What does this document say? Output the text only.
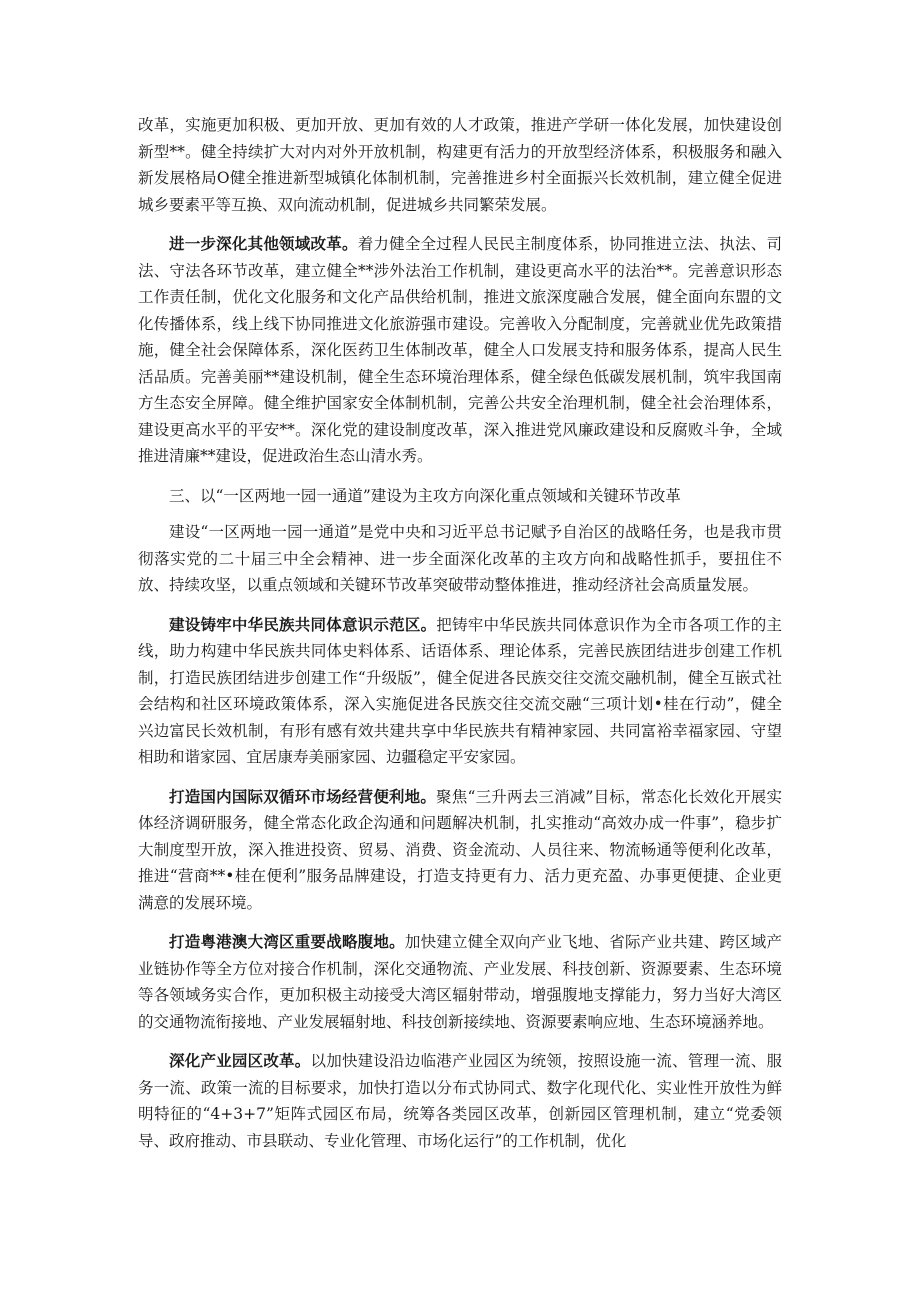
改革，实施更加积极、更加开放、更加有效的人才政策，推进产学研一体化发展，加快建设创新型**。健全持续扩大对内对外开放机制，构建更有活力的开放型经济体系，积极服务和融入新发展格局O健全推进新型城镇化体制机制，完善推进乡村全面振兴长效机制，建立健全促进城乡要素平等互换、双向流动机制，促进城乡共同繁荣发展。

进一步深化其他领域改革。着力健全全过程人民民主制度体系，协同推进立法、执法、司法、守法各环节改革，建立健全**涉外法治工作机制，建设更高水平的法治**。完善意识形态工作责任制，优化文化服务和文化产品供给机制，推进文旅深度融合发展，健全面向东盟的文化传播体系，线上线下协同推进文化旅游强市建设。完善收入分配制度，完善就业优先政策措施，健全社会保障体系，深化医药卫生体制改革，健全人口发展支持和服务体系，提高人民生活品质。完善美丽**建设机制，健全生态环境治理体系，健全绿色低碳发展机制，筑牢我国南方生态安全屏障。健全维护国家安全体制机制，完善公共安全治理机制，健全社会治理体系，建设更高水平的平安**。深化党的建设制度改革，深入推进党风廉政建设和反腐败斗争，全域推进清廉**建设，促进政治生态山清水秀。

三、以“一区两地一园一通道”建设为主攻方向深化重点领域和关键环节改革

建设“一区两地一园一通道”是党中央和习近平总书记赋予自治区的战略任务，也是我市贯彻落实党的二十届三中全会精神、进一步全面深化改革的主攻方向和战略性抓手，要扭住不放、持续攻坚，以重点领域和关键环节改革突破带动整体推进，推动经济社会高质量发展。

建设铸牢中华民族共同体意识示范区。把铸牢中华民族共同体意识作为全市各项工作的主线，助力构建中华民族共同体史料体系、话语体系、理论体系，完善民族团结进步创建工作机制，打造民族团结进步创建工作“升级版”，健全促进各民族交往交流交融机制，健全互嵌式社会结构和社区环境政策体系，深入实施促进各民族交往交流交融“三项计划•桂在行动”，健全兴边富民长效机制，有形有感有效共建共享中华民族共有精神家园、共同富裕幸福家园、守望相助和谐家园、宜居康寿美丽家园、边疆稳定平安家园。

打造国内国际双循环市场经营便利地。聚焦“三升两去三消减”目标，常态化长效化开展实体经济调研服务，健全常态化政企沟通和问题解决机制，扎实推动“高效办成一件事”，稳步扩大制度型开放，深入推进投资、贸易、消费、资金流动、人员往来、物流畅通等便利化改革，推进“营商**•桂在便利”服务品牌建设，打造支持更有力、活力更充盈、办事更便捷、企业更满意的发展环境。

打造粤港澳大湾区重要战略腹地。加快建立健全双向产业飞地、省际产业共建、跨区域产业链协作等全方位对接合作机制，深化交通物流、产业发展、科技创新、资源要素、生态环境等各领域务实合作，更加积极主动接受大湾区辐射带动，增强腹地支撑能力，努力当好大湾区的交通物流衔接地、产业发展辐射地、科技创新接续地、资源要素响应地、生态环境涵养地。

深化产业园区改革。以加快建设沿边临港产业园区为统领，按照设施一流、管理一流、服务一流、政策一流的目标要求，加快打造以分布式协同式、数字化现代化、实业性开放性为鲜明特征的“4+3+7”矩阵式园区布局，统筹各类园区改革，创新园区管理机制，建立“党委领导、政府推动、市县联动、专业化管理、市场化运行”的工作机制，优化
